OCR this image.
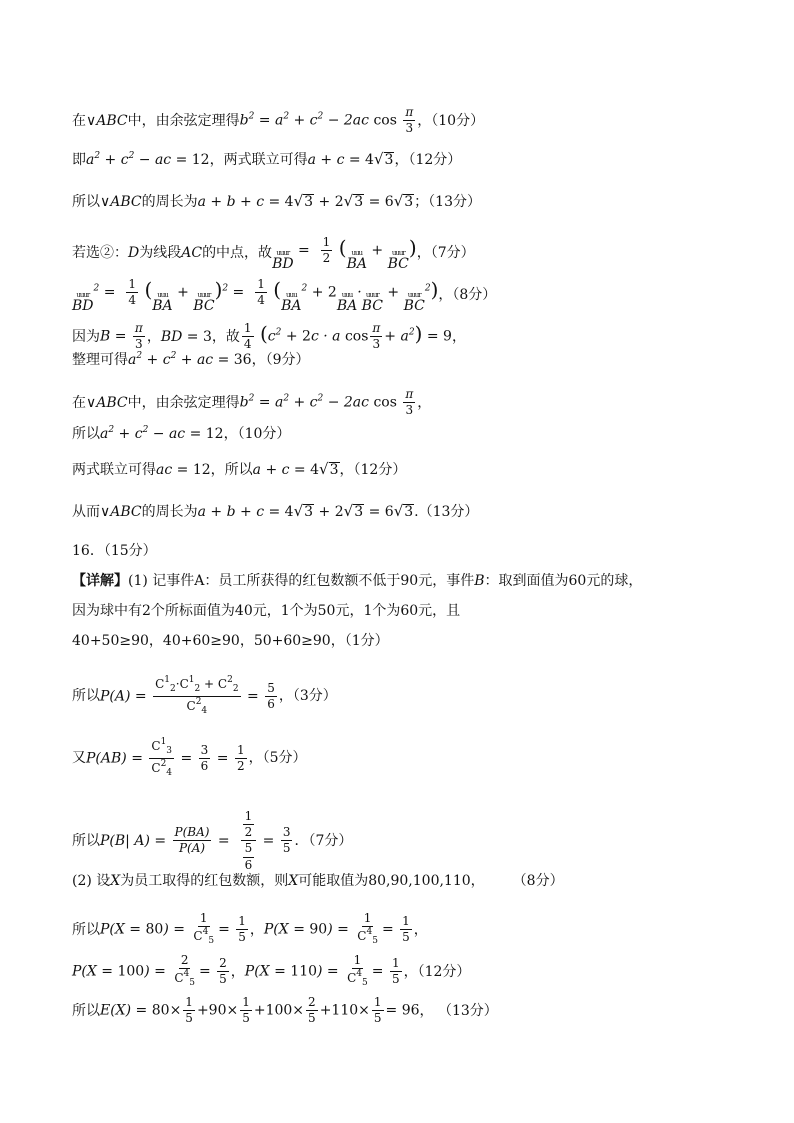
在 ∨ABC 中，由余弦定理得 $b^2 = a^2 + c^2 - 2ac$ $\cos \frac{\pi}{3}$ ，（10分）
即 $a^2 + c^2$ − ac = 12 ，两式联立可得 a + c = 4 √ 3 ，（12分）
所以 ∨ABC 的周长为 a + b + c = 4 √ 3 + 2 √ 3 = 6 √ 3 ；（13分）
若选②： D 为线段 AC 的中点，故 uuur
BD
= $\frac{1}{2}$ ( uuu
BA
+ uuur
BC
) ，（7分）
uuur
BD
$^2 = \frac{1}{4}$ ( uuu
BA
+ uuur
BC
)$^2 = \frac{1}{4}$ ( uuu
BA
$^2$ + 2 uuu
BA
· uuur
BC
+ uuur
BC
$^2$) ，（8分）
因为 $B = \frac{\pi}{3}$ ， BD = 3 ，故 $\frac{1}{4} (c^2 + 2c \cdot a$ $\cos \frac{\pi}{3} + a^2) = 9$ ，
整理可得 $a^2 + c^2$ + ac = 36 ，（9分）
在 ∨ABC 中，由余弦定理得 $b^2 = a^2 + c^2 - 2ac$ $\cos \frac{\pi}{3}$ ，
所以 $a^2 + c^2$ − ac = 12 ，（10分）
两式联立可得 ac = 12 ，所以 a + c = 4 √ 3 ，（12分）
从而 ∨ABC 的周长为 a + b + c = 4 √ 3 + 2 √ 3 = 6 √ 3 .（13分）
16．（15分）
【详解】 (1) 记事件A：员工所获得的红包数额不低于90元，事件 B ：取到面值为60元的球，
因为球中有2个所标面值为40元，1个为50元，1个为60元，且
40+50≥90 ， 40+60≥90 ， 50+60≥90 ，（1分）
所以 $P(A) = \frac{C^1_2\cdot C^1_2 + C^2_2}{C^2_4} = \frac{5}{6}$ ，（3分）
又 $P(AB) = \frac{C^1_3}{C^2_4} = \frac{3}{6} = \frac{1}{2}$ ，（5分）
所以 P(B| $A) = \frac{P(BA)}{P(A)} = \frac{\frac{1}{2}}{\frac{5}{6}} = \frac{3}{5}$ ．（7分）
(2) 设 X 为员工取得的红包数额，则 X 可能取值为 80,90,100,110 ， （8分）
所以 $P(X = 80) = \frac{1}{C^4_5} = \frac{1}{5}$ ， $P(X = 90) = \frac{1}{C^4_5} = \frac{1}{5}$ ，
$P(X = 100) = \frac{2}{C^4_5} = \frac{2}{5}$ ， $P(X = 110) = \frac{1}{C^4_5} = \frac{1}{5}$ ，（12分）
所以 $E(X) = 80\times \frac{1}{5} +90\times \frac{1}{5} +100\times \frac{2}{5} +110\times \frac{1}{5} = 96$ ， （13分）
